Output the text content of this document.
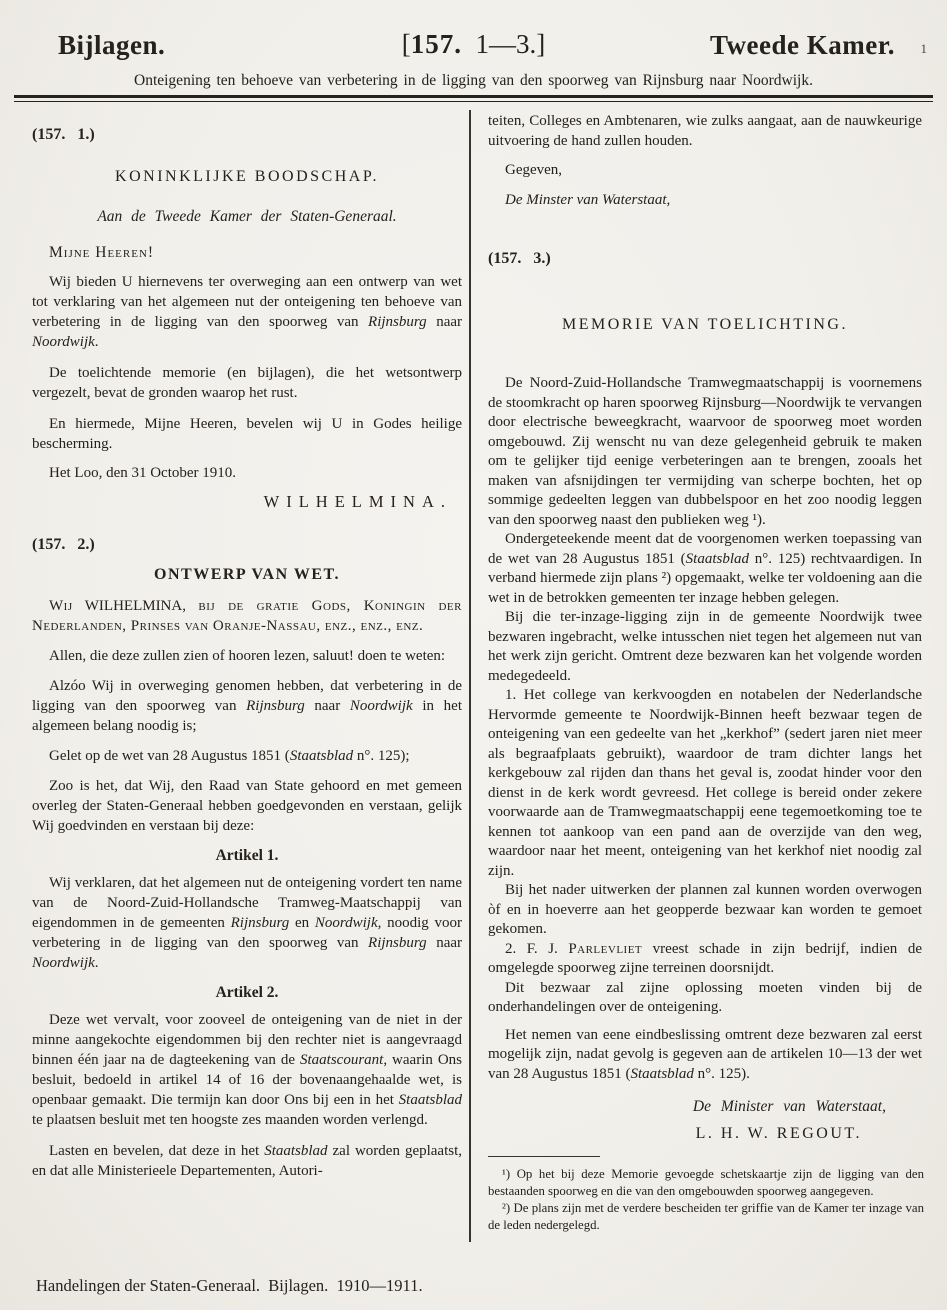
Bijlagen.	[157.  1—3.]	Tweede Kamer. 1
Onteigening ten behoeve van verbetering in de ligging van den spoorweg van Rijnsburg naar Noordwijk.

(157.   1.)

KONINKLIJKE BOODSCHAP.

Aan de Tweede Kamer der Staten-Generaal.

Mijne Heeren!

Wij bieden U hiernevens ter overweging aan een ontwerp van wet tot verklaring van het algemeen nut der onteigening ten behoeve van verbetering in de ligging van den spoorweg van Rijnsburg naar Noordwijk.

De toelichtende memorie (en bijlagen), die het wetsontwerp vergezelt, bevat de gronden waarop het rust.

En hiermede, Mijne Heeren, bevelen wij U in Godes heilige bescherming.

Het Loo, den 31 October 1910.

WILHELMINA.

(157.   2.)

ONTWERP VAN WET.

Wij WILHELMINA, bij de gratie Gods, Koningin der Nederlanden, Prinses van Oranje-Nassau, enz., enz., enz.

Allen, die deze zullen zien of hooren lezen, saluut! doen te weten:

Alzóo Wij in overweging genomen hebben, dat verbetering in de ligging van den spoorweg van Rijnsburg naar Noordwijk in het algemeen belang noodig is;

Gelet op de wet van 28 Augustus 1851 (Staatsblad n°. 125);

Zoo is het, dat Wij, den Raad van State gehoord en met gemeen overleg der Staten-Generaal hebben goedgevonden en verstaan, gelijk Wij goedvinden en verstaan bij deze:

Artikel 1.

Wij verklaren, dat het algemeen nut de onteigening vordert ten name van de Noord-Zuid-Hollandsche Tramweg-Maatschappij van eigendommen in de gemeenten Rijnsburg en Noordwijk, noodig voor verbetering in de ligging van den spoorweg van Rijnsburg naar Noordwijk.

Artikel 2.

Deze wet vervalt, voor zooveel de onteigening van de niet in der minne aangekochte eigendommen bij den rechter niet is aangevraagd binnen één jaar na de dagteekening van de Staatscourant, waarin Ons besluit, bedoeld in artikel 14 of 16 der bovenaangehaalde wet, is openbaar gemaakt. Die termijn kan door Ons bij een in het Staatsblad te plaatsen besluit met ten hoogste zes maanden worden verlengd.

Lasten en bevelen, dat deze in het Staatsblad zal worden geplaatst, en dat alle Ministerieele Departementen, Autori-

teiten, Colleges en Ambtenaren, wie zulks aangaat, aan de nauwkeurige uitvoering de hand zullen houden.

Gegeven,

De Minster van Waterstaat,

(157.   3.)

MEMORIE VAN TOELICHTING.

De Noord-Zuid-Hollandsche Tramwegmaatschappij is voornemens de stoomkracht op haren spoorweg Rijnsburg—Noordwijk te vervangen door electrische beweegkracht, waarvoor de spoorweg moet worden omgebouwd. Zij wenscht nu van deze gelegenheid gebruik te maken om te gelijker tijd eenige verbeteringen aan te brengen, zooals het maken van afsnijdingen ter vermijding van scherpe bochten, het op sommige gedeelten leggen van dubbelspoor en het zoo noodig leggen van den spoorweg naast den publieken weg ¹).

Ondergeteekende meent dat de voorgenomen werken toepassing van de wet van 28 Augustus 1851 (Staatsblad n°. 125) rechtvaardigen. In verband hiermede zijn plans ²) opgemaakt, welke ter voldoening aan die wet in de betrokken gemeenten ter inzage hebben gelegen.

Bij die ter-inzage-ligging zijn in de gemeente Noordwijk twee bezwaren ingebracht, welke intusschen niet tegen het algemeen nut van het werk zijn gericht. Omtrent deze bezwaren kan het volgende worden medegedeeld.

1. Het college van kerkvoogden en notabelen der Nederlandsche Hervormde gemeente te Noordwijk-Binnen heeft bezwaar tegen de onteigening van een gedeelte van het „kerkhof” (sedert jaren niet meer als begraafplaats gebruikt), waardoor de tram dichter langs het kerkgebouw zal rijden dan thans het geval is, zoodat hinder voor den dienst in de kerk wordt gevreesd. Het college is bereid onder zekere voorwaarde aan de Tramwegmaatschappij eene tegemoetkoming toe te kennen tot aankoop van een pand aan de overzijde van den weg, waardoor naar het meent, onteigening van het kerkhof niet noodig zal zijn.

Bij het nader uitwerken der plannen zal kunnen worden overwogen òf en in hoeverre aan het geopperde bezwaar kan worden te gemoet gekomen.

2. F. J. Parlevliet vreest schade in zijn bedrijf, indien de omgelegde spoorweg zijne terreinen doorsnijdt.

Dit bezwaar zal zijne oplossing moeten vinden bij de onderhandelingen over de onteigening.

Het nemen van eene eindbeslissing omtrent deze bezwaren zal eerst mogelijk zijn, nadat gevolg is gegeven aan de artikelen 10—13 der wet van 28 Augustus 1851 (Staatsblad n°. 125).

De Minister van Waterstaat,

L. H. W. REGOUT.

¹) Op het bij deze Memorie gevoegde schetskaartje zijn de ligging van den bestaanden spoorweg en die van den omgebouwden spoorweg aangegeven.

²) De plans zijn met de verdere bescheiden ter griffie van de Kamer ter inzage van de leden nedergelegd.

Handelingen der Staten-Generaal.  Bijlagen.  1910—1911.
